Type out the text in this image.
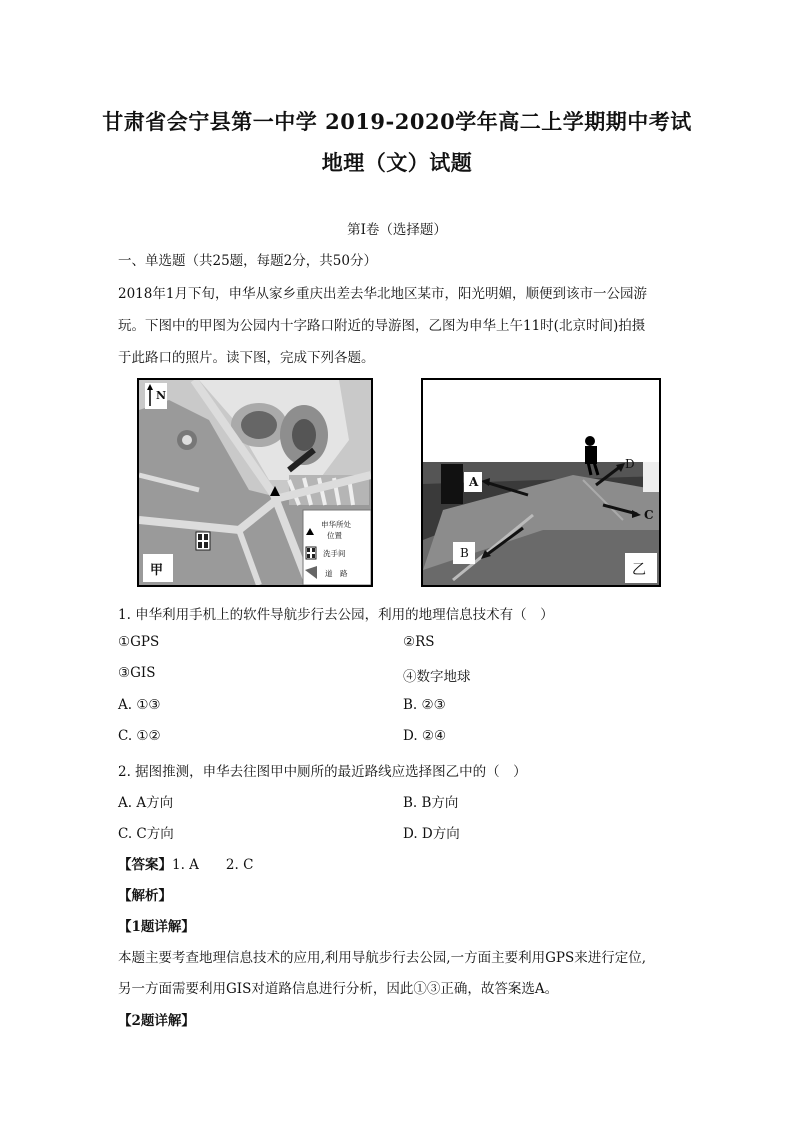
甘肃省会宁县第一中学 2019-2020学年高二上学期期中考试
地理（文）试题
第Ⅰ卷（选择题）
一、单选题（共25题，每题2分，共50分）
2018年1月下旬，申华从家乡重庆出差去华北地区某市，阳光明媚，顺便到该市一公园游
玩。下图中的甲图为公园内十字路口附近的导游图，乙图为申华上午11时(北京时间)拍摄
于此路口的照片。读下图，完成下列各题。
N
甲
申华所处
位置
洗手间
道　路
A
B
C
D
乙
1. 申华利用手机上的软件导航步行去公园，利用的地理信息技术有（　）
①GPS	②RS
③GIS	④数字地球
A. ①③	B. ②③
C. ①②	D. ②④
2. 据图推测，申华去往图甲中厕所的最近路线应选择图乙中的（　）
A. A方向	B. B方向
C. C方向	D. D方向
【答案】1. A　　2. C
【解析】
【1题详解】
本题主要考查地理信息技术的应用,利用导航步行去公园,一方面主要利用GPS来进行定位,
另一方面需要利用GIS对道路信息进行分析，因此①③正确，故答案选A。
【2题详解】
